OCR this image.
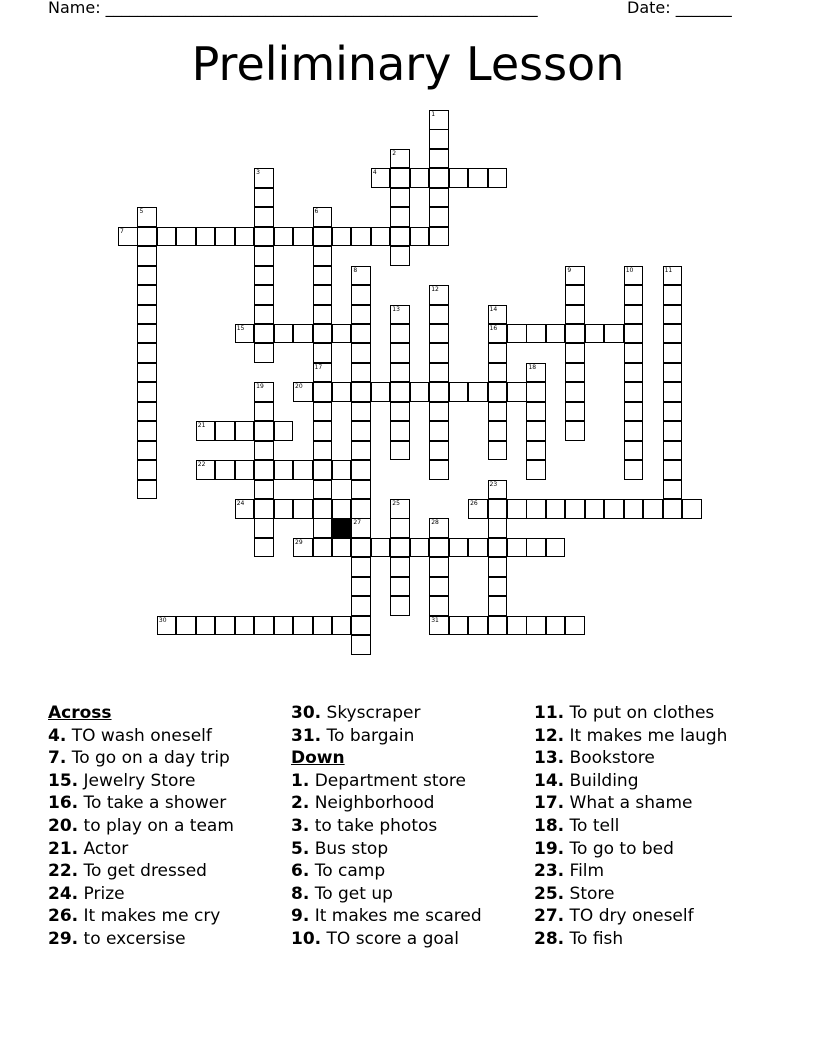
Name: ______________________________________________________	Date: _______
Preliminary Lesson
1
2
3	4
5	6
17
7
8
27
9	10	11
12
13	14
16
15
18
19	20
21
22
23
24	25	26
28
31
29
30
Across
4. TO wash oneself
7. To go on a day trip
15. Jewelry Store
16. To take a shower
20. to play on a team
21. Actor
22. To get dressed
24. Prize
26. It makes me cry
29. to excersise
30. Skyscraper
31. To bargain
Down
1. Department store
2. Neighborhood
3. to take photos
5. Bus stop
6. To camp
8. To get up
9. It makes me scared
10. TO score a goal
11. To put on clothes
12. It makes me laugh
13. Bookstore
14. Building
17. What a shame
18. To tell
19. To go to bed
23. Film
25. Store
27. TO dry oneself
28. To fish
